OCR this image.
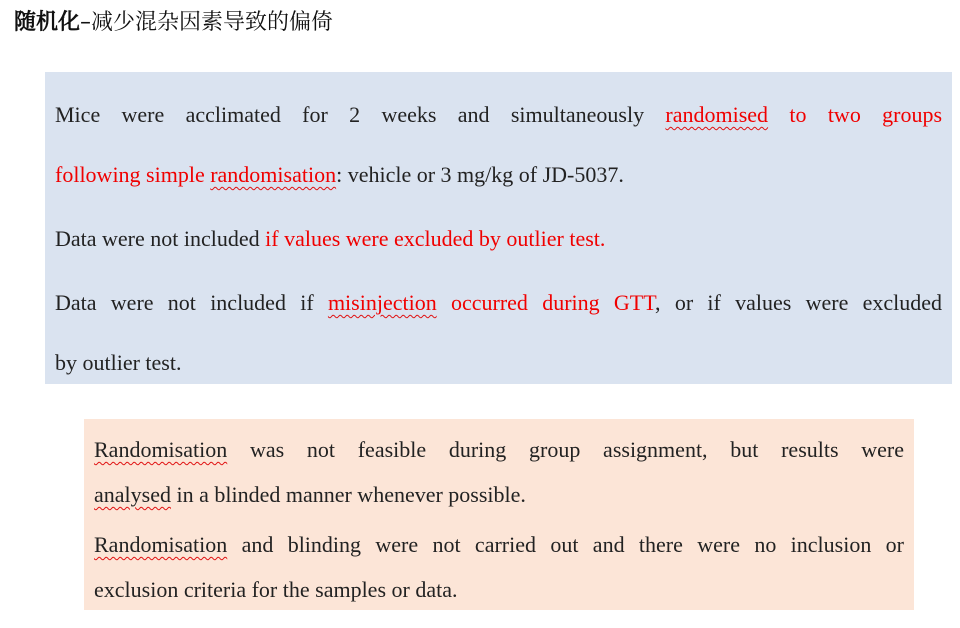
随机化–减少混杂因素导致的偏倚
Mice were acclimated for 2 weeks and simultaneously randomised to two groups
following simple randomisation: vehicle or 3 mg/kg of JD-5037.
Data were not included if values were excluded by outlier test.
Data were not included if misinjection occurred during GTT, or if values were excluded
by outlier test.
Randomisation was not feasible during group assignment, but results were
analysed in a blinded manner whenever possible.
Randomisation and blinding were not carried out and there were no inclusion or
exclusion criteria for the samples or data.
